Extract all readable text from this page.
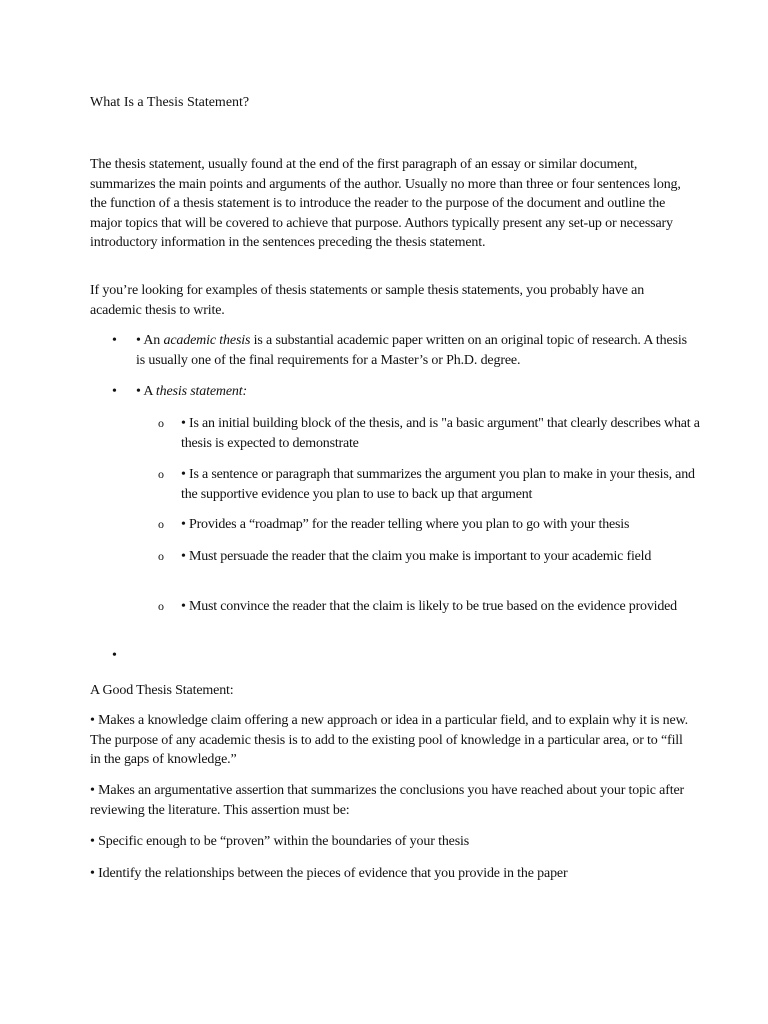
What Is a Thesis Statement?
The thesis statement, usually found at the end of the first paragraph of an essay or similar document, summarizes the main points and arguments of the author. Usually no more than three or four sentences long, the function of a thesis statement is to introduce the reader to the purpose of the document and outline the major topics that will be covered to achieve that purpose. Authors typically present any set-up or necessary introductory information in the sentences preceding the thesis statement.
If you’re looking for examples of thesis statements or sample thesis statements, you probably have an academic thesis to write.
• • An academic thesis is a substantial academic paper written on an original topic of research. A thesis is usually one of the final requirements for a Master’s or Ph.D. degree.
• • A thesis statement:
o • Is an initial building block of the thesis, and is "a basic argument" that clearly describes what a thesis is expected to demonstrate
o • Is a sentence or paragraph that summarizes the argument you plan to make in your thesis, and the supportive evidence you plan to use to back up that argument
o • Provides a “roadmap” for the reader telling where you plan to go with your thesis
o • Must persuade the reader that the claim you make is important to your academic field
o • Must convince the reader that the claim is likely to be true based on the evidence provided
•
A Good Thesis Statement:
• Makes a knowledge claim offering a new approach or idea in a particular field, and to explain why it is new. The purpose of any academic thesis is to add to the existing pool of knowledge in a particular area, or to “fill in the gaps of knowledge.”
• Makes an argumentative assertion that summarizes the conclusions you have reached about your topic after reviewing the literature. This assertion must be:
• Specific enough to be “proven” within the boundaries of your thesis
• Identify the relationships between the pieces of evidence that you provide in the paper
